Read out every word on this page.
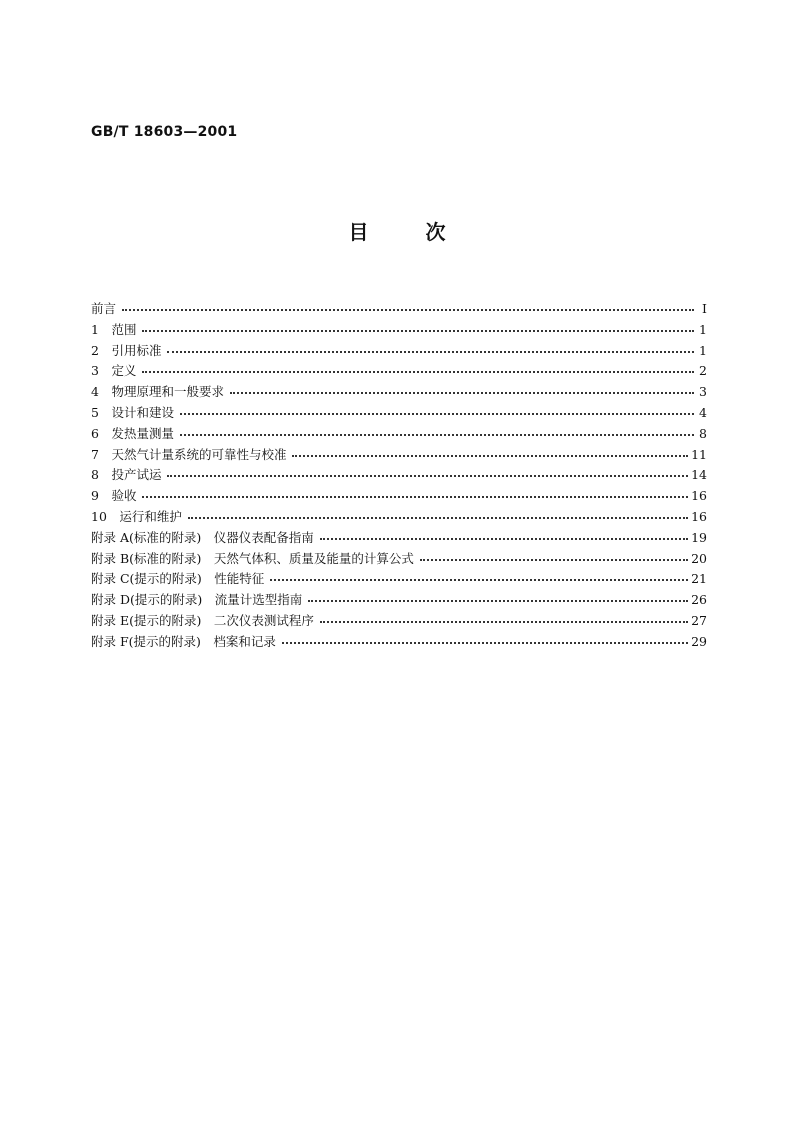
GB/T 18603—2001
目 次
前言	I
1　范围	1
2　引用标准	1
3　定义	2
4　物理原理和一般要求	3
5　设计和建设	4
6　发热量测量	8
7　天然气计量系统的可靠性与校准	11
8　投产试运	14
9　验收	16
10　运行和维护	16
附录 A(标准的附录)　仪器仪表配备指南	19
附录 B(标准的附录)　天然气体积、质量及能量的计算公式	20
附录 C(提示的附录)　性能特征	21
附录 D(提示的附录)　流量计选型指南	26
附录 E(提示的附录)　二次仪表测试程序	27
附录 F(提示的附录)　档案和记录	29
